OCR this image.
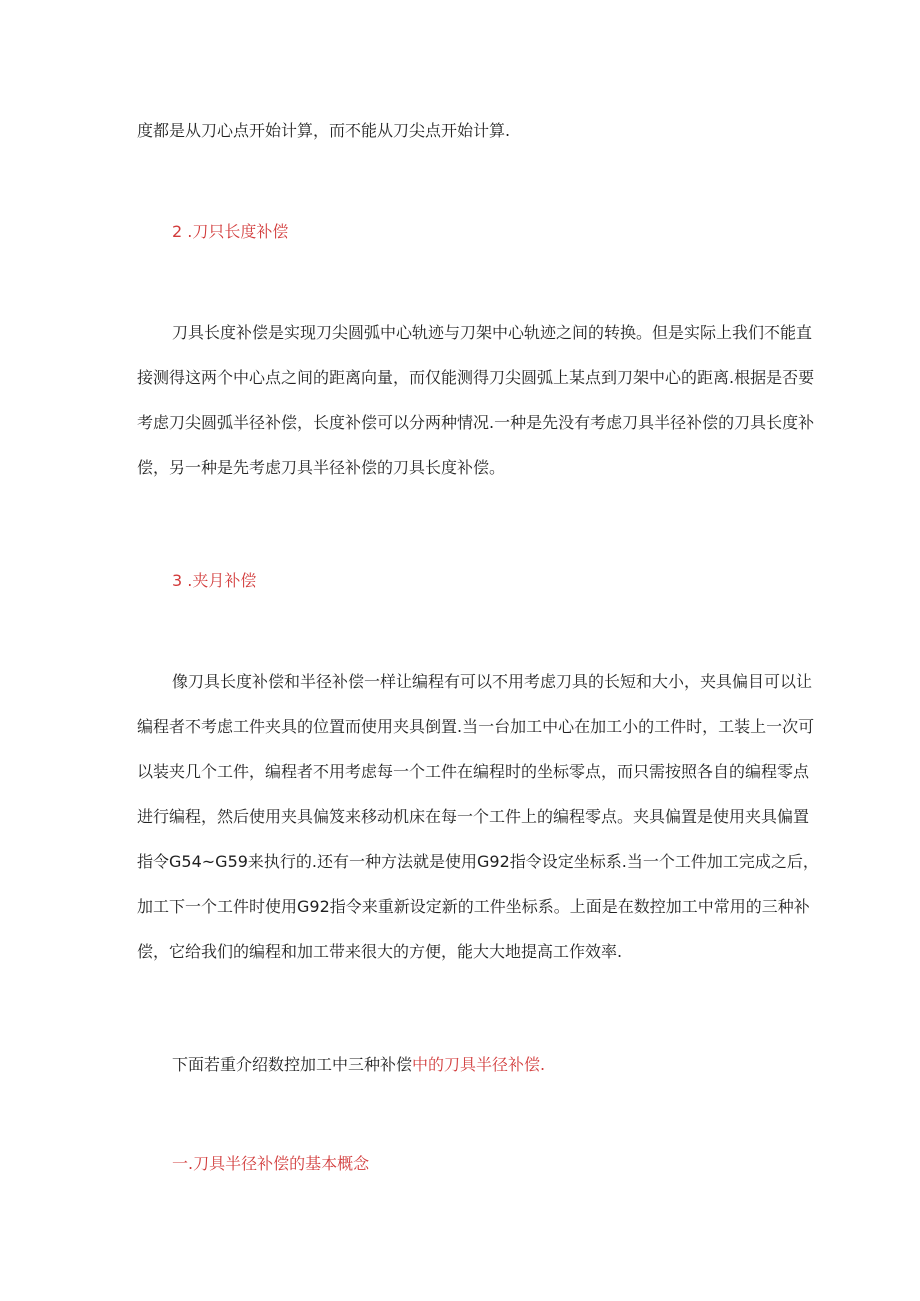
度都是从刀心点开始计算，而不能从刀尖点开始计算.
2 .刀只长度补偿
刀具长度补偿是实现刀尖圆弧中心轨迹与刀架中心轨迹之间的转换。但是实际上我们不能直
接测得这两个中心点之间的距离向量，而仅能测得刀尖圆弧上某点到刀架中心的距离.根据是否要
考虑刀尖圆弧半径补偿，长度补偿可以分两种情况.一种是先没有考虑刀具半径补偿的刀具长度补
偿，另一种是先考虑刀具半径补偿的刀具长度补偿。
3 .夹月补偿
像刀具长度补偿和半径补偿一样让编程有可以不用考虑刀具的长短和大小，夹具偏目可以让
编程者不考虑工件夹具的位置而使用夹具倒置.当一台加工中心在加工小的工件时，工装上一次可
以装夹几个工件，编程者不用考虑每一个工件在编程时的坐标零点，而只需按照各自的编程零点
进行编程，然后使用夹具偏笈来移动机床在每一个工件上的编程零点。夹具偏置是使用夹具偏置
指令G54~G59来执行的.还有一种方法就是使用G92指令设定坐标系.当一个工件加工完成之后，
加工下一个工件时使用G92指令来重新设定新的工件坐标系。上面是在数控加工中常用的三种补
偿，它给我们的编程和加工带来很大的方便，能大大地提高工作效率.
下面若重介绍数控加工中三种补偿中的刀具半径补偿.
一.刀具半径补偿的基本概念
